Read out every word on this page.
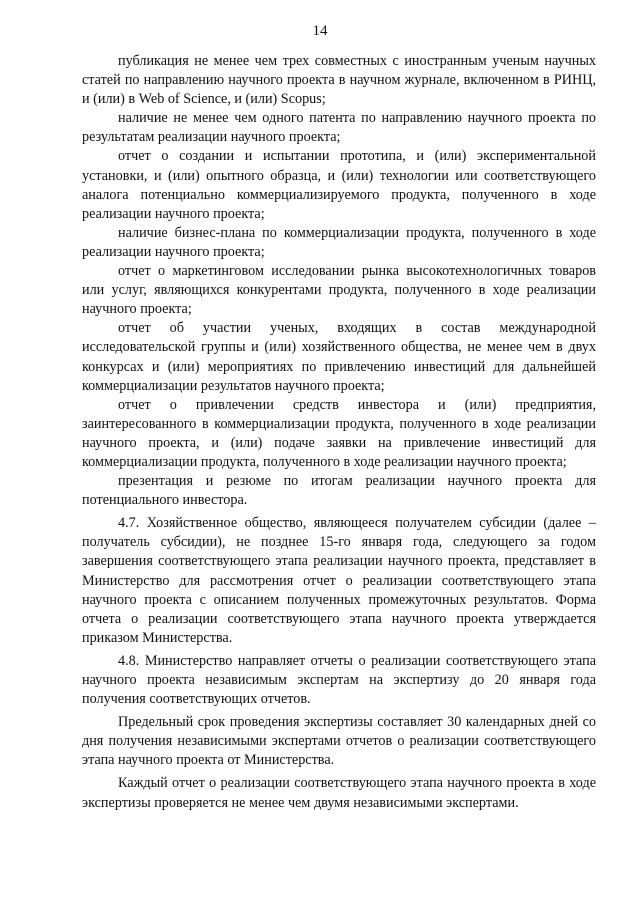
14

публикация не менее чем трех совместных с иностранным ученым научных статей по направлению научного проекта в научном журнале, включенном в РИНЦ, и (или) в Web of Science, и (или) Scopus;

наличие не менее чем одного патента по направлению научного проекта по результатам реализации научного проекта;

отчет о создании и испытании прототипа, и (или) экспериментальной установки, и (или) опытного образца, и (или) технологии или соответствующего аналога потенциально коммерциализируемого продукта, полученного в ходе реализации научного проекта;

наличие бизнес-плана по коммерциализации продукта, полученного в ходе реализации научного проекта;

отчет о маркетинговом исследовании рынка высокотехнологичных товаров или услуг, являющихся конкурентами продукта, полученного в ходе реализации научного проекта;

отчет об участии ученых, входящих в состав международной исследовательской группы и (или) хозяйственного общества, не менее чем в двух конкурсах и (или) мероприятиях по привлечению инвестиций для дальнейшей коммерциализации результатов научного проекта;

отчет о привлечении средств инвестора и (или) предприятия, заинтересованного в коммерциализации продукта, полученного в ходе реализации научного проекта, и (или) подаче заявки на привлечение инвестиций для коммерциализации продукта, полученного в ходе реализации научного проекта;

презентация и резюме по итогам реализации научного проекта для потенциального инвестора.

4.7. Хозяйственное общество, являющееся получателем субсидии (далее – получатель субсидии), не позднее 15-го января года, следующего за годом завершения соответствующего этапа реализации научного проекта, представляет в Министерство для рассмотрения отчет о реализации соответствующего этапа научного проекта с описанием полученных промежуточных результатов. Форма отчета о реализации соответствующего этапа научного проекта утверждается приказом Министерства.

4.8. Министерство направляет отчеты о реализации соответствующего этапа научного проекта независимым экспертам на экспертизу до 20 января года получения соответствующих отчетов.

Предельный срок проведения экспертизы составляет 30 календарных дней со дня получения независимыми экспертами отчетов о реализации соответствующего этапа научного проекта от Министерства.

Каждый отчет о реализации соответствующего этапа научного проекта в ходе экспертизы проверяется не менее чем двумя независимыми экспертами.
